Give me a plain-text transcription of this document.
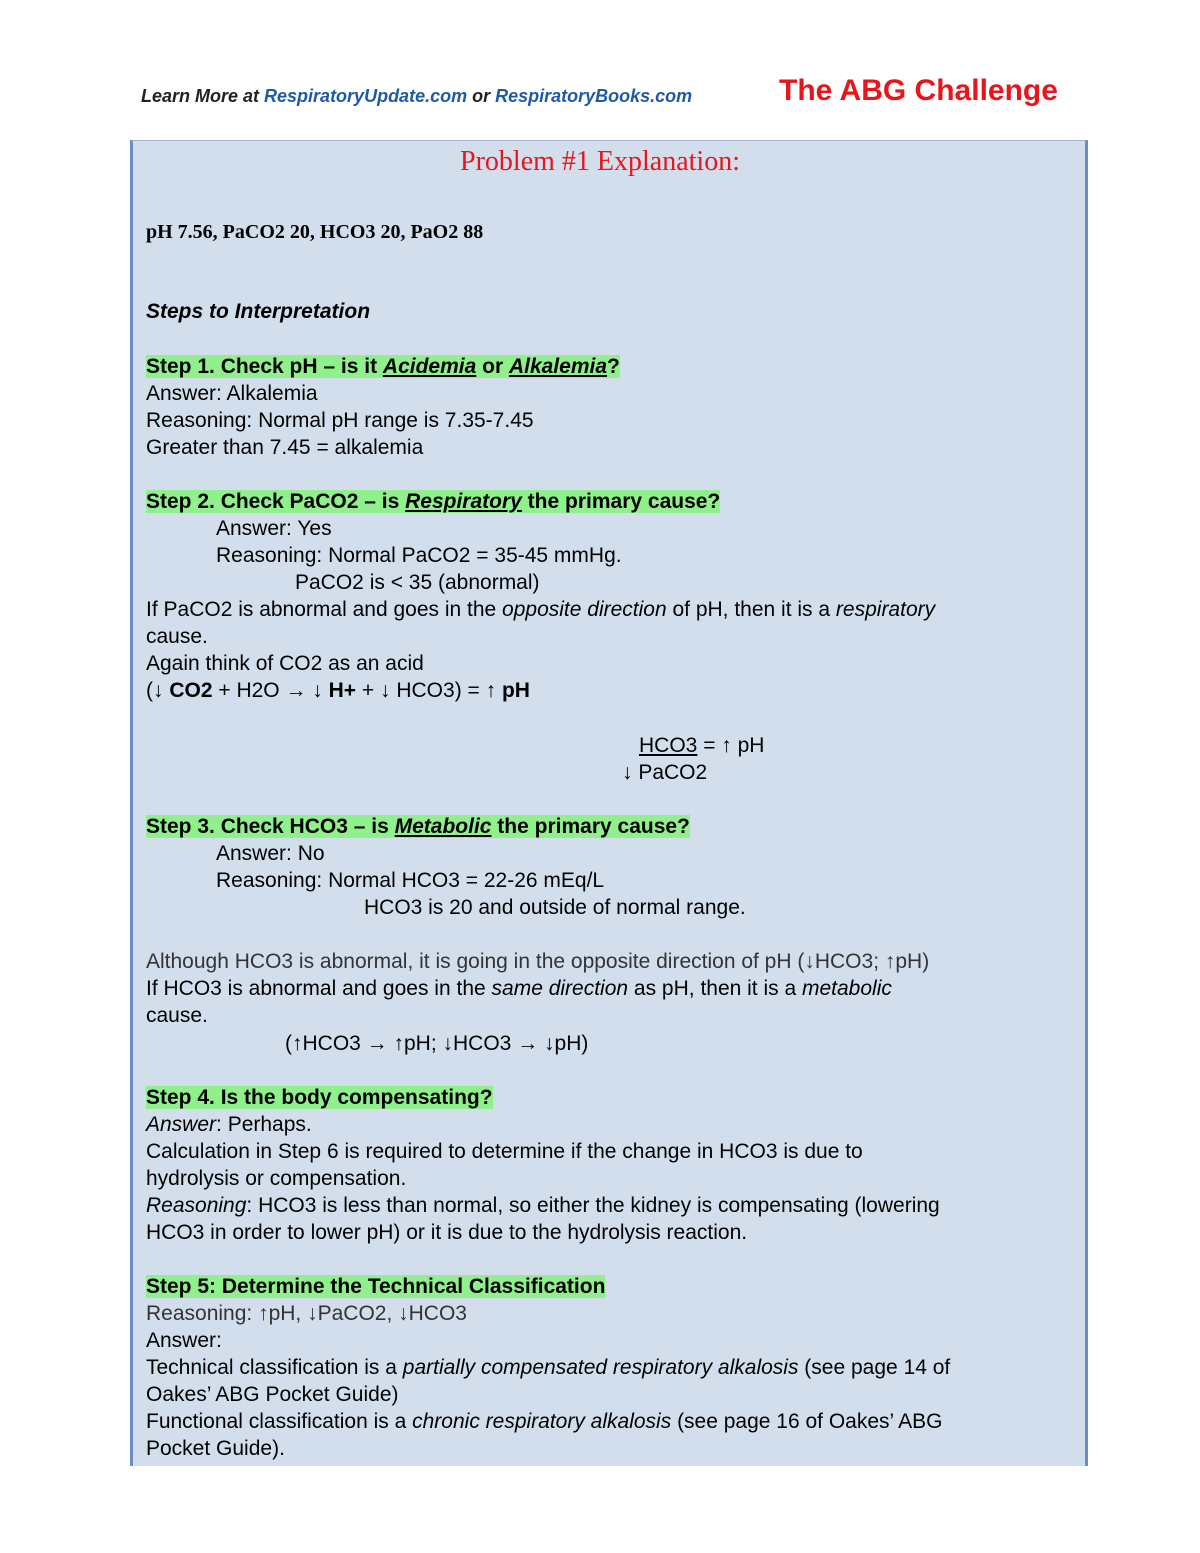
Learn More at RespiratoryUpdate.com or RespiratoryBooks.com	The ABG Challenge
Problem #1 Explanation:
pH 7.56, PaCO2 20, HCO3 20, PaO2 88
Steps to Interpretation
Step 1. Check pH – is it Acidemia or Alkalemia?
Answer: Alkalemia
Reasoning: Normal pH range is 7.35-7.45
Greater than 7.45 = alkalemia
Step 2. Check PaCO2 – is Respiratory the primary cause?
Answer: Yes
Reasoning: Normal PaCO2 = 35-45 mmHg.
PaCO2 is < 35 (abnormal)
If PaCO2 is abnormal and goes in the opposite direction of pH, then it is a respiratory
cause.
Again think of CO2 as an acid
(↓ CO2 + H2O → ↓ H+ + ↓ HCO3) = ↑ pH
HCO3 = ↑ pH
↓ PaCO2
Step 3. Check HCO3 – is Metabolic the primary cause?
Answer: No
Reasoning: Normal HCO3 = 22-26 mEq/L
HCO3 is 20 and outside of normal range.
Although HCO3 is abnormal, it is going in the opposite direction of pH (↓HCO3; ↑pH)
If HCO3 is abnormal and goes in the same direction as pH, then it is a metabolic
cause.
(↑HCO3 → ↑pH; ↓HCO3 → ↓pH)
Step 4. Is the body compensating?
Answer: Perhaps.
Calculation in Step 6 is required to determine if the change in HCO3 is due to
hydrolysis or compensation.
Reasoning: HCO3 is less than normal, so either the kidney is compensating (lowering
HCO3 in order to lower pH) or it is due to the hydrolysis reaction.
Step 5: Determine the Technical Classification
Reasoning: ↑pH, ↓PaCO2, ↓HCO3
Answer:
Technical classification is a partially compensated respiratory alkalosis (see page 14 of
Oakes’ ABG Pocket Guide)
Functional classification is a chronic respiratory alkalosis (see page 16 of Oakes’ ABG
Pocket Guide).
